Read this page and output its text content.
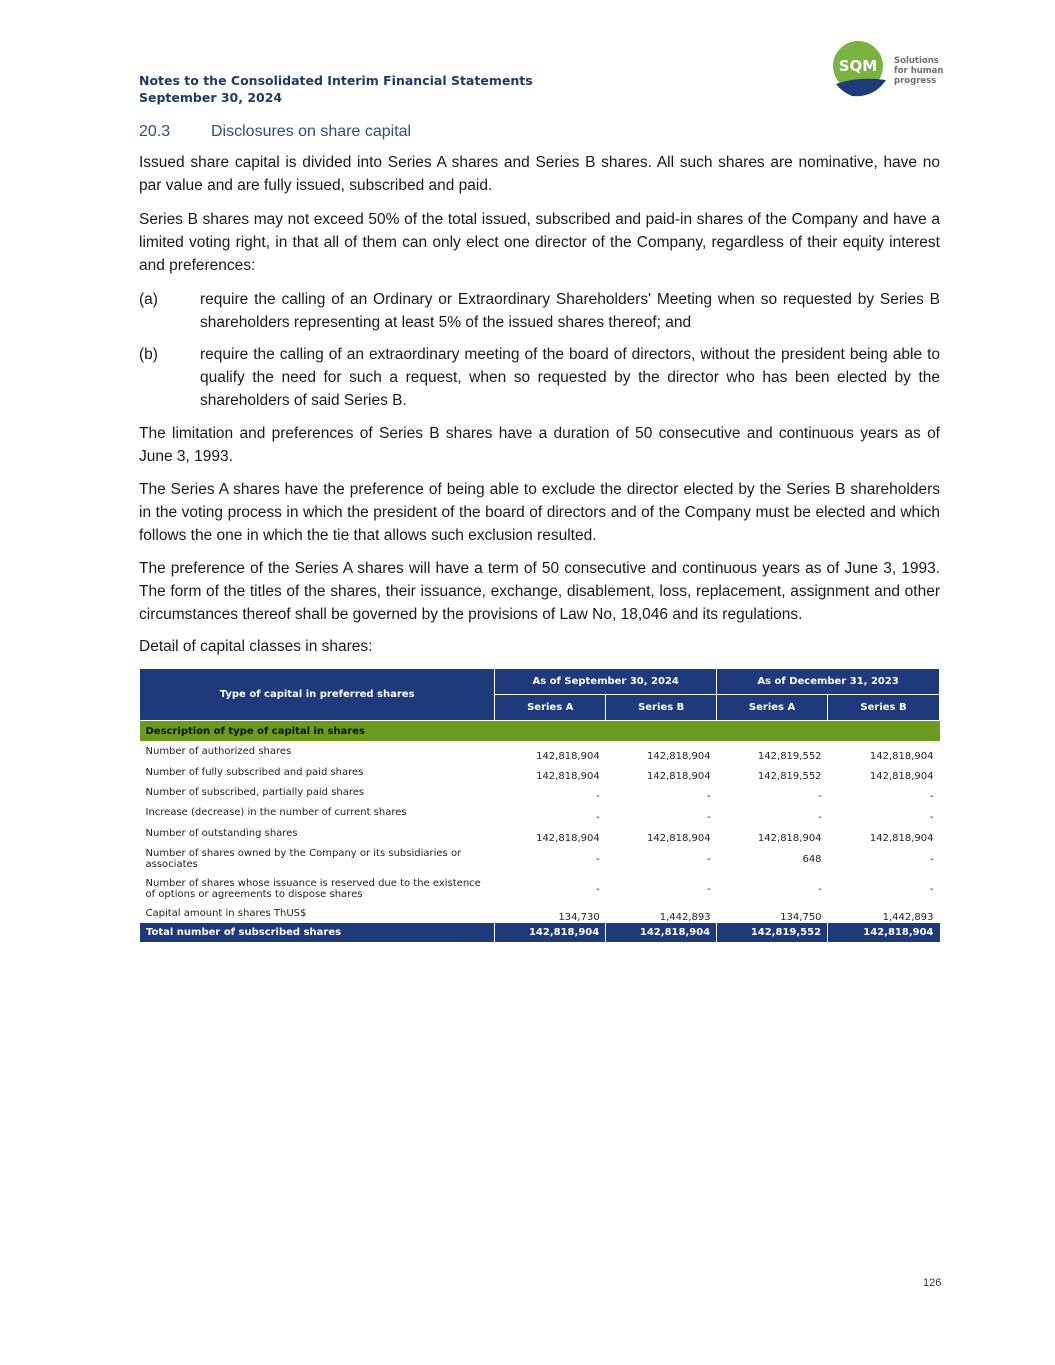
Notes to the Consolidated Interim Financial Statements
September 30, 2024
SQM Solutions
for human
progress
20.3	Disclosures on share capital
Issued share capital is divided into Series A shares and Series B shares. All such shares are nominative, have no par value and are fully issued, subscribed and paid.
Series B shares may not exceed 50% of the total issued, subscribed and paid-in shares of the Company and have a limited voting right, in that all of them can only elect one director of the Company, regardless of their equity interest and preferences:
(a)	require the calling of an Ordinary or Extraordinary Shareholders' Meeting when so requested by Series B shareholders representing at least 5% of the issued shares thereof; and
(b)	require the calling of an extraordinary meeting of the board of directors, without the president being able to qualify the need for such a request, when so requested by the director who has been elected by the shareholders of said Series B.
The limitation and preferences of Series B shares have a duration of 50 consecutive and continuous years as of June 3, 1993.
The Series A shares have the preference of being able to exclude the director elected by the Series B shareholders in the voting process in which the president of the board of directors and of the Company must be elected and which follows the one in which the tie that allows such exclusion resulted.
The preference of the Series A shares will have a term of 50 consecutive and continuous years as of June 3, 1993. The form of the titles of the shares, their issuance, exchange, disablement, loss, replacement, assignment and other circumstances thereof shall be governed by the provisions of Law No, 18,046 and its regulations.
Detail of capital classes in shares:
Type of capital in preferred shares	As of September 30, 2024		As of December 31, 2023	
	Series A	Series B	Series A	Series B
Description of type of capital in shares				
Number of authorized shares	142,818,904	142,818,904	142,819,552	142,818,904
Number of fully subscribed and paid shares	142,818,904	142,818,904	142,819,552	142,818,904
Number of subscribed, partially paid shares	-	-	-	-
Increase (decrease) in the number of current shares	-	-	-	-
Number of outstanding shares	142,818,904	142,818,904	142,818,904	142,818,904
Number of shares owned by the Company or its subsidiaries or associates	-	-	648	-
Number of shares whose issuance is reserved due to the existence of options or agreements to dispose shares	-	-	-	-
Capital amount in shares ThUS$	134,730	1,442,893	134,750	1,442,893
Total number of subscribed shares	142,818,904	142,818,904	142,819,552	142,818,904
126
